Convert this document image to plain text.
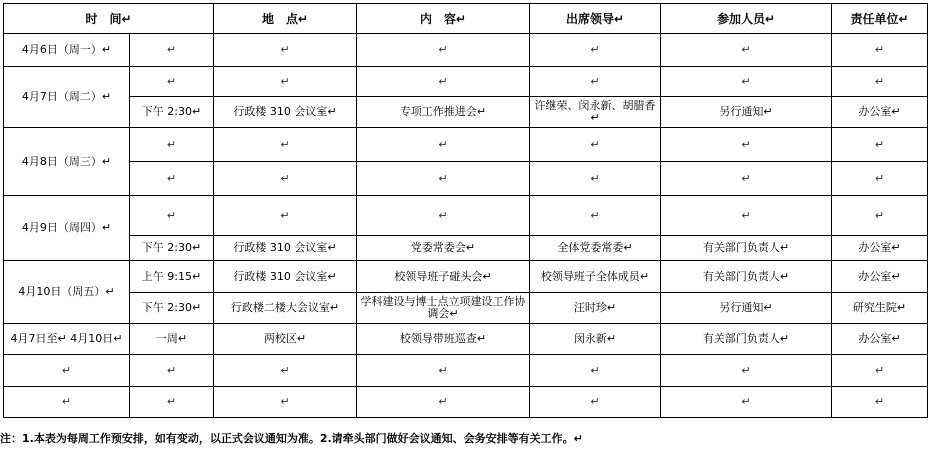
时　间↵		地　点↵	内　容↵	出席领导↵	参加人员↵	责任单位↵
4月6日（周一）↵	↵	↵	↵	↵	↵	↵
4月7日（周二）↵	↵	↵	↵	↵	↵	↵
	下午 2:30↵	行政楼 310 会议室↵	专项工作推进会↵	许继荣、闵永新、胡腊香↵	另行通知↵	办公室↵
4月8日（周三）↵	↵	↵	↵	↵	↵	↵
	↵	↵	↵	↵	↵	↵
4月9日（周四）↵	↵	↵	↵	↵	↵	↵
	下午 2:30↵	行政楼 310 会议室↵	党委常委会↵	全体党委常委↵	有关部门负责人↵	办公室↵
4月10日（周五）↵	上午 9:15↵	行政楼 310 会议室↵	校领导班子碰头会↵	校领导班子全体成员↵	有关部门负责人↵	办公室↵
	下午 2:30↵	行政楼二楼大会议室↵	学科建设与博士点立项建设工作协调会↵	汪时珍↵	另行通知↵	研究生院↵
4月7日至↵ 4月10日↵	一周↵	两校区↵	校领导带班巡查↵	闵永新↵	有关部门负责人↵	办公室↵
↵	↵	↵	↵	↵	↵	↵
↵	↵	↵	↵	↵	↵	↵
注：1.本表为每周工作预安排，如有变动，以正式会议通知为准。2.请牵头部门做好会议通知、会务安排等有关工作。↵
